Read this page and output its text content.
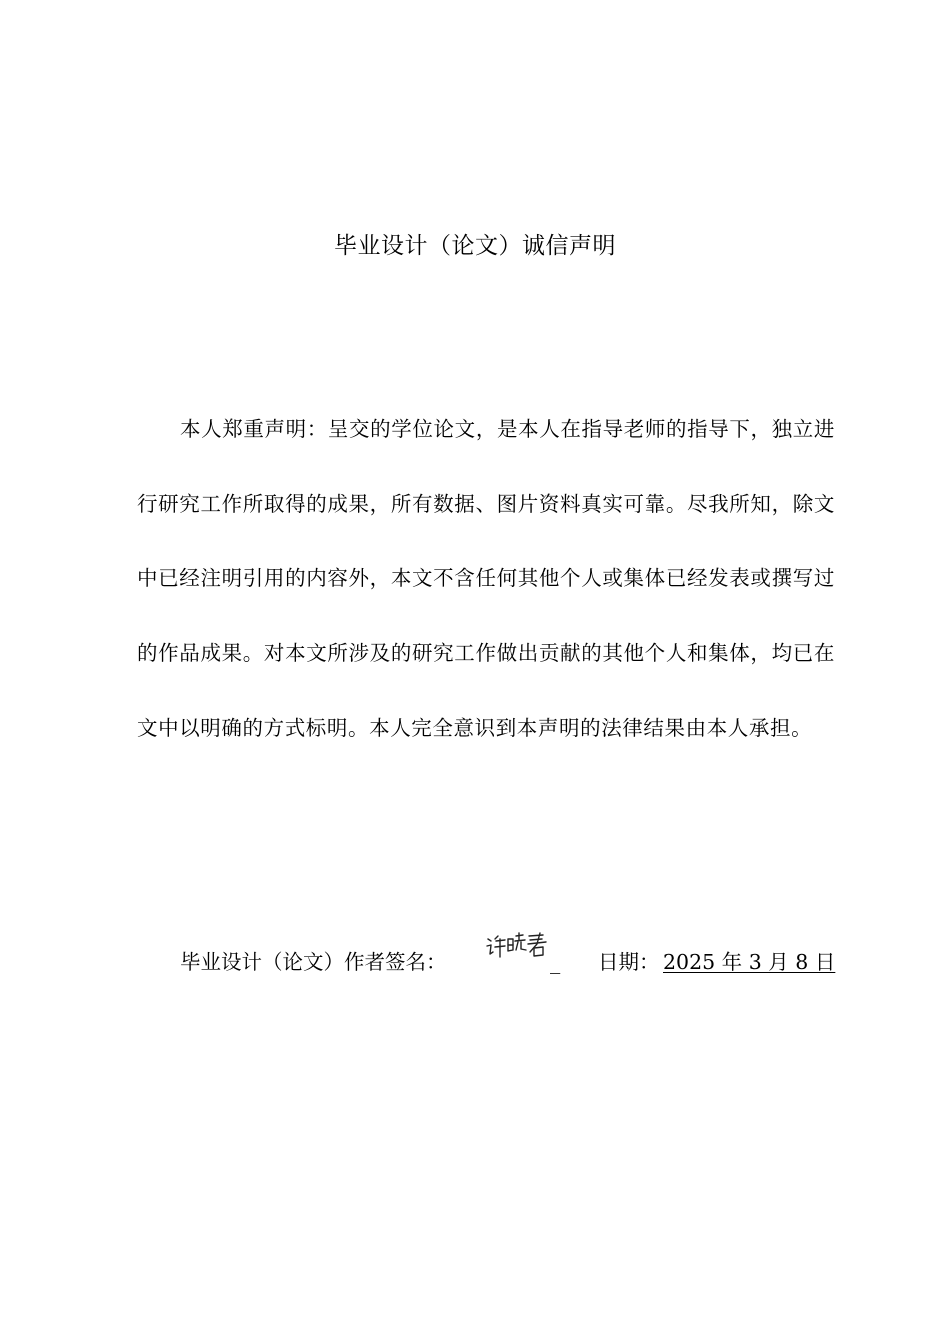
毕业设计（论文）诚信声明

本人郑重声明：呈交的学位论文，是本人在指导老师的指导下，独立进行研究工作所取得的成果，所有数据、图片资料真实可靠。尽我所知，除文中已经注明引用的内容外，本文不含任何其他个人或集体已经发表或撰写过的作品成果。对本文所涉及的研究工作做出贡献的其他个人和集体，均已在文中以明确的方式标明。本人完全意识到本声明的法律结果由本人承担。

毕业设计（论文）作者签名：	_ 日期： 2025 年 3 月 8 日
